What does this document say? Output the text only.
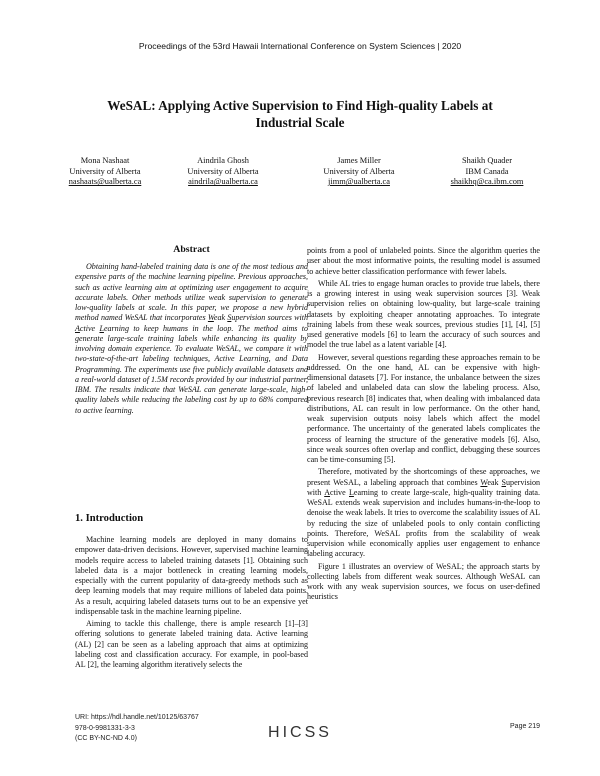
Proceedings of the 53rd Hawaii International Conference on System Sciences | 2020
WeSAL: Applying Active Supervision to Find High-quality Labels at
Industrial Scale
Mona Nashaat
University of Alberta
nashaats@ualberta.ca
Aindrila Ghosh
University of Alberta
aindrila@ualberta.ca
James Miller
University of Alberta
jimm@ualberta.ca
Shaikh Quader
IBM Canada
shaikhq@ca.ibm.com
Abstract
Obtaining hand-labeled training data is one of the most tedious and expensive parts of the machine learning pipeline. Previous approaches, such as active learning aim at optimizing user engagement to acquire accurate labels. Other methods utilize weak supervision to generate low-quality labels at scale. In this paper, we propose a new hybrid method named WeSAL that incorporates Weak Supervision sources with Active Learning to keep humans in the loop. The method aims to generate large-scale training labels while enhancing its quality by involving domain experience. To evaluate WeSAL, we compare it with two-state-of-the-art labeling techniques, Active Learning, and Data Programming. The experiments use five publicly available datasets and a real-world dataset of 1.5M records provided by our industrial partner, IBM. The results indicate that WeSAL can generate large-scale, high-quality labels while reducing the labeling cost by up to 68% compared to active learning.
1. Introduction

Machine learning models are deployed in many domains to empower data-driven decisions. However, supervised machine learning models require access to labeled training datasets [1]. Obtaining such labeled data is a major bottleneck in creating learning models, especially with the current popularity of data-greedy methods such as deep learning models that may require millions of labeled data points. As a result, acquiring labeled datasets turns out to be an expensive yet indispensable task in the machine learning pipeline.

Aiming to tackle this challenge, there is ample research [1]–[3] offering solutions to generate labeled training data. Active learning (AL) [2] can be seen as a labeling approach that aims at optimizing labeling cost and classification accuracy. For example, in pool-based AL [2], the learning algorithm iteratively selects the

points from a pool of unlabeled points. Since the algorithm queries the user about the most informative points, the resulting model is assumed to achieve better classification performance with fewer labels.

While AL tries to engage human oracles to provide true labels, there is a growing interest in using weak supervision sources [3]. Weak supervision relies on obtaining low-quality, but large-scale training datasets by exploiting cheaper annotating approaches. To integrate training labels from these weak sources, previous studies [1], [4], [5] used generative models [6] to learn the accuracy of such sources and model the true label as a latent variable [4].

However, several questions regarding these approaches remain to be addressed. On the one hand, AL can be expensive with high-dimensional datasets [7]. For instance, the unbalance between the sizes of labeled and unlabeled data can slow the labeling process. Also, previous research [8] indicates that, when dealing with imbalanced data distributions, AL can result in low performance. On the other hand, weak supervision outputs noisy labels which affect the model performance. The uncertainty of the generated labels complicates the process of learning the structure of the generative models [6]. Also, since weak sources often overlap and conflict, debugging these sources can be time-consuming [5].

Therefore, motivated by the shortcomings of these approaches, we present WeSAL, a labeling approach that combines Weak Supervision with Active Learning to create large-scale, high-quality training data. WeSAL extends weak supervision and includes humans-in-the-loop to denoise the weak labels. It tries to overcome the scalability issues of AL by reducing the size of unlabeled pools to only contain conflicting points. Therefore, WeSAL profits from the scalability of weak supervision while economically applies user engagement to enhance labeling accuracy.

Figure 1 illustrates an overview of WeSAL; the approach starts by collecting labels from different weak sources. Although WeSAL can work with any weak supervision sources, we focus on user-defined heuristics

URI: https://hdl.handle.net/10125/63767
978-0-9981331-3-3
(CC BY-NC-ND 4.0)	HICSS	Page 219
